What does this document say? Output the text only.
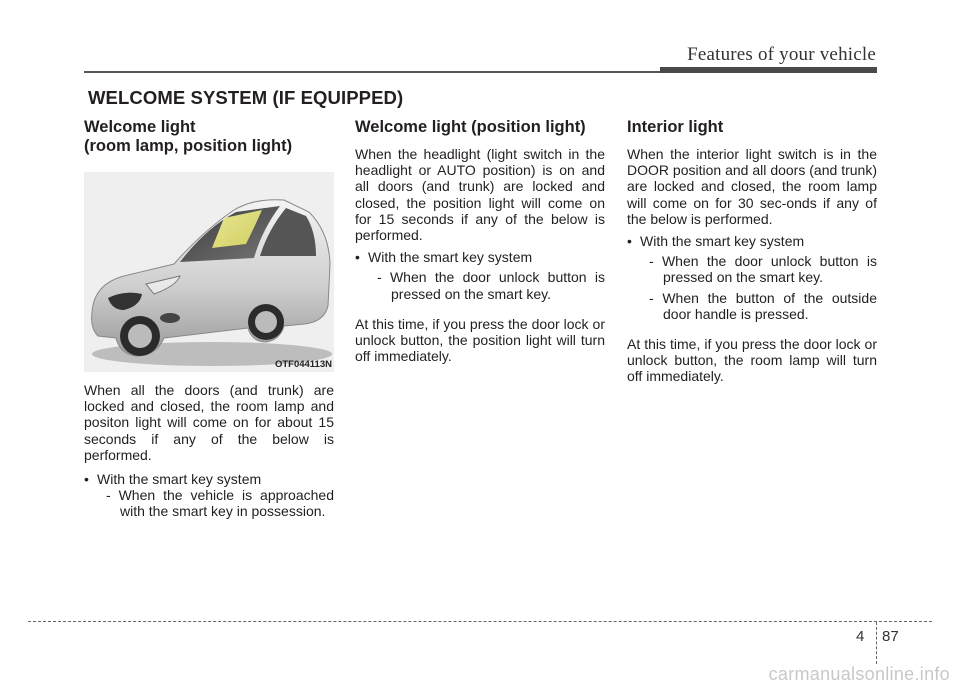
Features of your vehicle
WELCOME SYSTEM (IF EQUIPPED)
Welcome light
(room lamp, position light)
OTF044113N

When all the doors (and trunk) are locked and closed, the room lamp and positon light will come on for about 15 seconds if any of the below is performed.

• With the smart key system
- When the vehicle is approached with the smart key in possession.
Welcome light (position light)

When the headlight (light switch in the headlight or AUTO position) is on and all doors (and trunk) are locked and closed, the position light will come on for 15 seconds if any of the below is performed.

• With the smart key system
- When the door unlock button is pressed on the smart key.

At this time, if you press the door lock or unlock button, the position light will turn off immediately.

Interior light

When the interior light switch is in the DOOR position and all doors (and trunk) are locked and closed, the room lamp will come on for 30 sec-onds if any of the below is performed.

• With the smart key system
- When the door unlock button is pressed on the smart key.
- When the button of the outside door handle is pressed.

At this time, if you press the door lock or unlock button, the room lamp will turn off immediately.

4 87
carmanualsonline.info
